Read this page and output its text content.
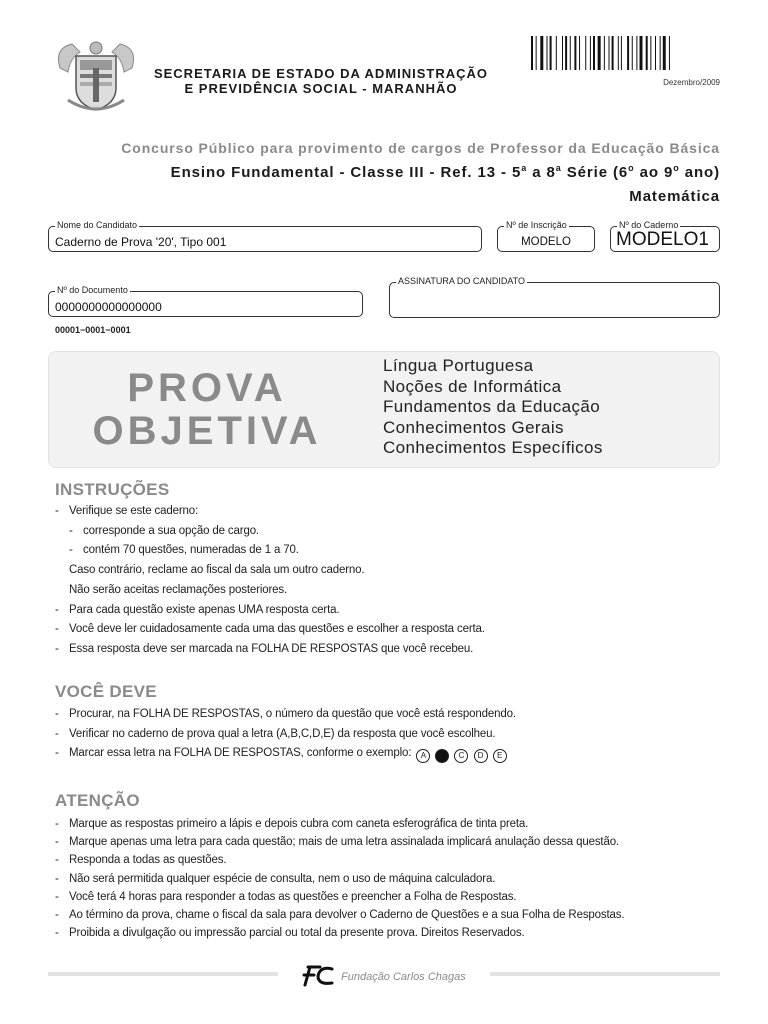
SECRETARIA DE ESTADO DA ADMINISTRAÇÃO
E PREVIDÊNCIA SOCIAL - MARANHÃO	Dezembro/2009
Concurso Público para provimento de cargos de Professor da Educação Básica
Ensino Fundamental - Classe III - Ref. 13 - 5$^a$ a 8$^a$ Série (6$^o$ ao 9$^o$ ano)
Matemática
Nome do Candidato
Caderno de Prova '20', Tipo 001
Nº de Inscrição
MODELO
Nº do Caderno
MODELO1
Nº do Documento
0000000000000000
ASSINATURA DO CANDIDATO
00001−0001−0001
PROVA
OBJETIVA
Língua Portuguesa
Noções de Informática
Fundamentos da Educação
Conhecimentos Gerais
Conhecimentos Específicos
INSTRUÇÕES
- Verifique se este caderno:
- corresponde a sua opção de cargo.
- contém 70 questões, numeradas de 1 a 70.
Caso contrário, reclame ao fiscal da sala um outro caderno.
Não serão aceitas reclamações posteriores.
- Para cada questão existe apenas UMA resposta certa.
- Você deve ler cuidadosamente cada uma das questões e escolher a resposta certa.
- Essa resposta deve ser marcada na FOLHA DE RESPOSTAS que você recebeu.
VOCÊ DEVE
- Procurar, na FOLHA DE RESPOSTAS, o número da questão que você está respondendo.
- Verificar no caderno de prova qual a letra (A,B,C,D,E) da resposta que você escolheu.
- Marcar essa letra na FOLHA DE RESPOSTAS, conforme o exemplo: A B C D E
ATENÇÃO
- Marque as respostas primeiro a lápis e depois cubra com caneta esferográfica de tinta preta.
- Marque apenas uma letra para cada questão; mais de uma letra assinalada implicará anulação dessa questão.
- Responda a todas as questões.
- Não será permitida qualquer espécie de consulta, nem o uso de máquina calculadora.
- Você terá 4 horas para responder a todas as questões e preencher a Folha de Respostas.
- Ao término da prova, chame o fiscal da sala para devolver o Caderno de Questões e a sua Folha de Respostas.
- Proibida a divulgação ou impressão parcial ou total da presente prova. Direitos Reservados.
Fundação Carlos Chagas
